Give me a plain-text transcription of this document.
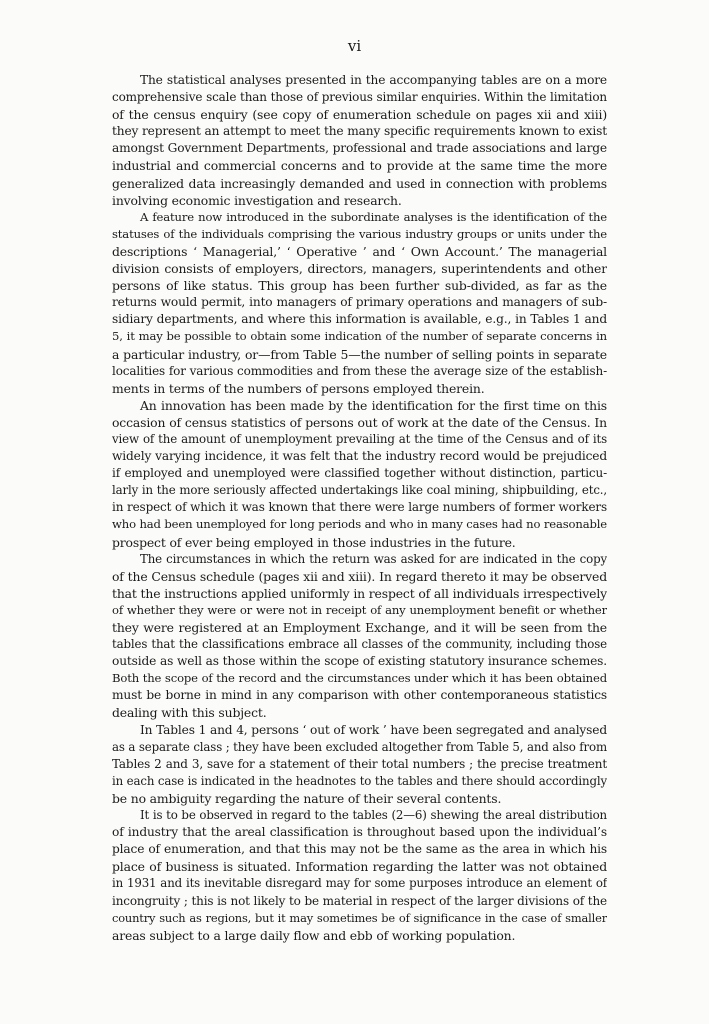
vi

The statistical analyses presented in the accompanying tables are on a more
comprehensive scale than those of previous similar enquiries. Within the limitation
of the census enquiry (see copy of enumeration schedule on pages xii and xiii)
they represent an attempt to meet the many specific requirements known to exist
amongst Government Departments, professional and trade associations and large
industrial and commercial concerns and to provide at the same time the more
generalized data increasingly demanded and used in connection with problems
involving economic investigation and research.

A feature now introduced in the subordinate analyses is the identification of the
statuses of the individuals comprising the various industry groups or units under the
descriptions ‘ Managerial,’ ‘ Operative ’ and ‘ Own Account.’ The managerial
division consists of employers, directors, managers, superintendents and other
persons of like status. This group has been further sub-divided, as far as the
returns would permit, into managers of primary operations and managers of sub-
sidiary departments, and where this information is available, e.g., in Tables 1 and
5, it may be possible to obtain some indication of the number of separate concerns in
a particular industry, or—from Table 5—the number of selling points in separate
localities for various commodities and from these the average size of the establish-
ments in terms of the numbers of persons employed therein.

An innovation has been made by the identification for the first time on this
occasion of census statistics of persons out of work at the date of the Census. In
view of the amount of unemployment prevailing at the time of the Census and of its
widely varying incidence, it was felt that the industry record would be prejudiced
if employed and unemployed were classified together without distinction, particu-
larly in the more seriously affected undertakings like coal mining, shipbuilding, etc.,
in respect of which it was known that there were large numbers of former workers
who had been unemployed for long periods and who in many cases had no reasonable
prospect of ever being employed in those industries in the future.

The circumstances in which the return was asked for are indicated in the copy
of the Census schedule (pages xii and xiii). In regard thereto it may be observed
that the instructions applied uniformly in respect of all individuals irrespectively
of whether they were or were not in receipt of any unemployment benefit or whether
they were registered at an Employment Exchange, and it will be seen from the
tables that the classifications embrace all classes of the community, including those
outside as well as those within the scope of existing statutory insurance schemes.
Both the scope of the record and the circumstances under which it has been obtained
must be borne in mind in any comparison with other contemporaneous statistics
dealing with this subject.

In Tables 1 and 4, persons ‘ out of work ’ have been segregated and analysed
as a separate class ; they have been excluded altogether from Table 5, and also from
Tables 2 and 3, save for a statement of their total numbers ; the precise treatment
in each case is indicated in the headnotes to the tables and there should accordingly
be no ambiguity regarding the nature of their several contents.

It is to be observed in regard to the tables (2—6) shewing the areal distribution
of industry that the areal classification is throughout based upon the individual’s
place of enumeration, and that this may not be the same as the area in which his
place of business is situated. Information regarding the latter was not obtained
in 1931 and its inevitable disregard may for some purposes introduce an element of
incongruity ; this is not likely to be material in respect of the larger divisions of the
country such as regions, but it may sometimes be of significance in the case of smaller
areas subject to a large daily flow and ebb of working population.
